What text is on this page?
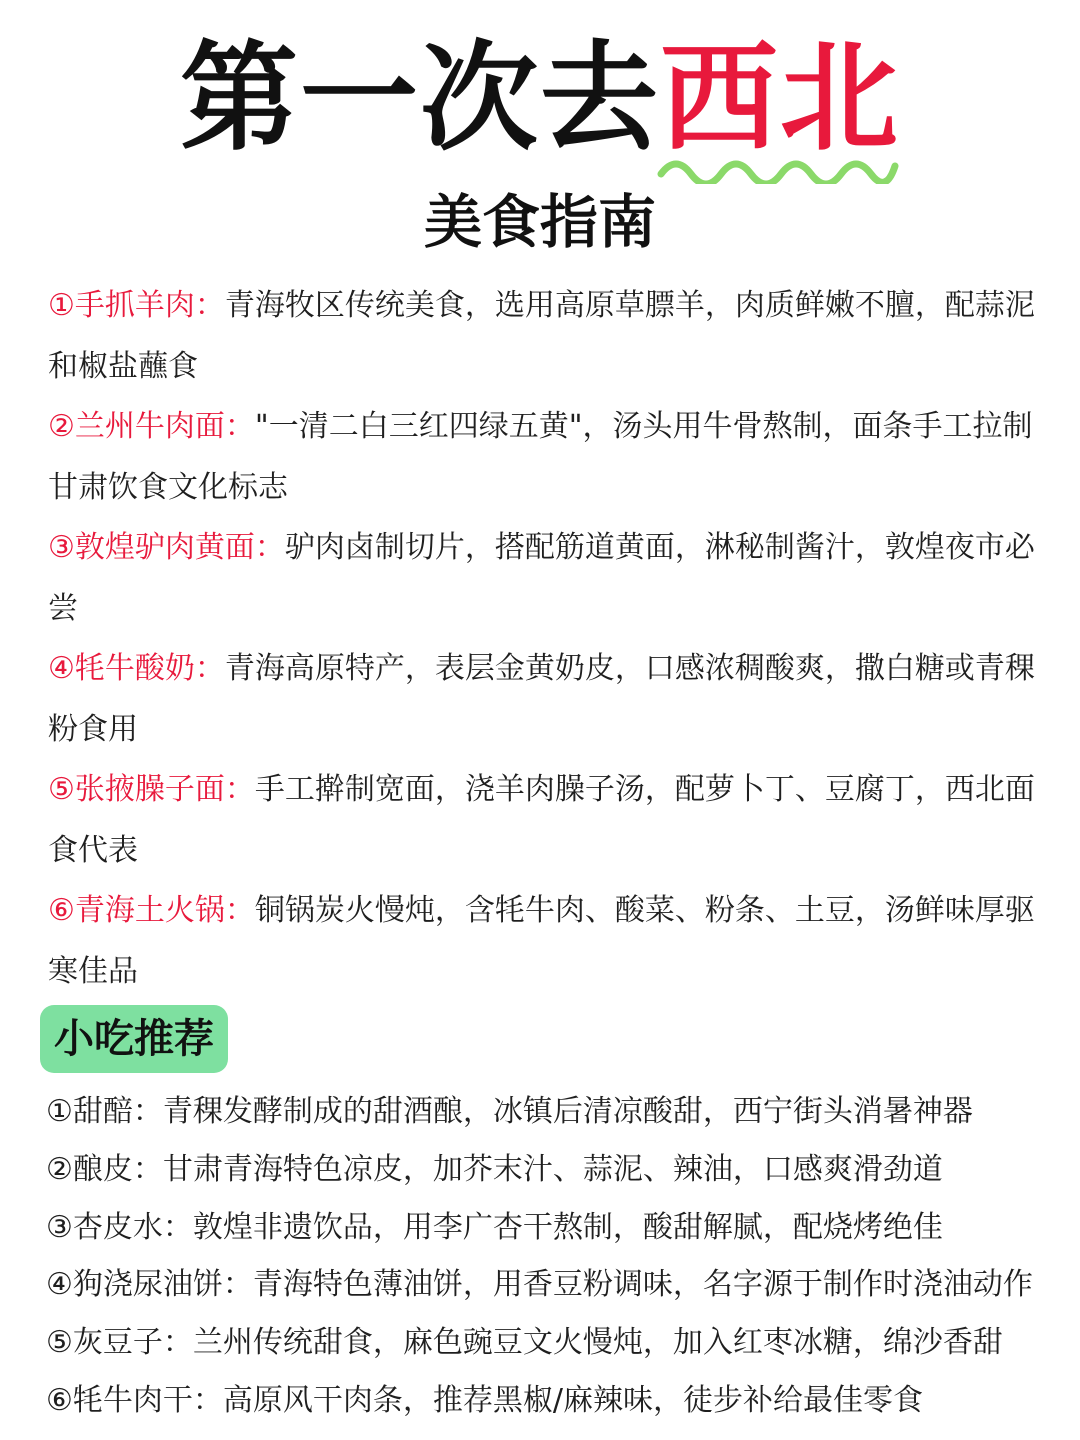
第一次去西北
美食指南
①手抓羊肉：青海牧区传统美食，选用高原草膘羊，肉质鲜嫩不膻，配蒜泥和椒盐蘸食
②兰州牛肉面："一清二白三红四绿五黄"，汤头用牛骨熬制，面条手工拉制甘肃饮食文化标志
③敦煌驴肉黄面：驴肉卤制切片，搭配筋道黄面，淋秘制酱汁，敦煌夜市必尝
④牦牛酸奶：青海高原特产，表层金黄奶皮，口感浓稠酸爽，撒白糖或青稞粉食用
⑤张掖臊子面：手工擀制宽面，浇羊肉臊子汤，配萝卜丁、豆腐丁，西北面食代表
⑥青海土火锅：铜锅炭火慢炖，含牦牛肉、酸菜、粉条、土豆，汤鲜味厚驱寒佳品
小吃推荐
①甜醅：青稞发酵制成的甜酒酿，冰镇后清凉酸甜，西宁街头消暑神器
②酿皮：甘肃青海特色凉皮，加芥末汁、蒜泥、辣油，口感爽滑劲道
③杏皮水：敦煌非遗饮品，用李广杏干熬制，酸甜解腻，配烧烤绝佳
④狗浇尿油饼：青海特色薄油饼，用香豆粉调味，名字源于制作时浇油动作
⑤灰豆子：兰州传统甜食，麻色豌豆文火慢炖，加入红枣冰糖，绵沙香甜
⑥牦牛肉干：高原风干肉条，推荐黑椒/麻辣味，徒步补给最佳零食
